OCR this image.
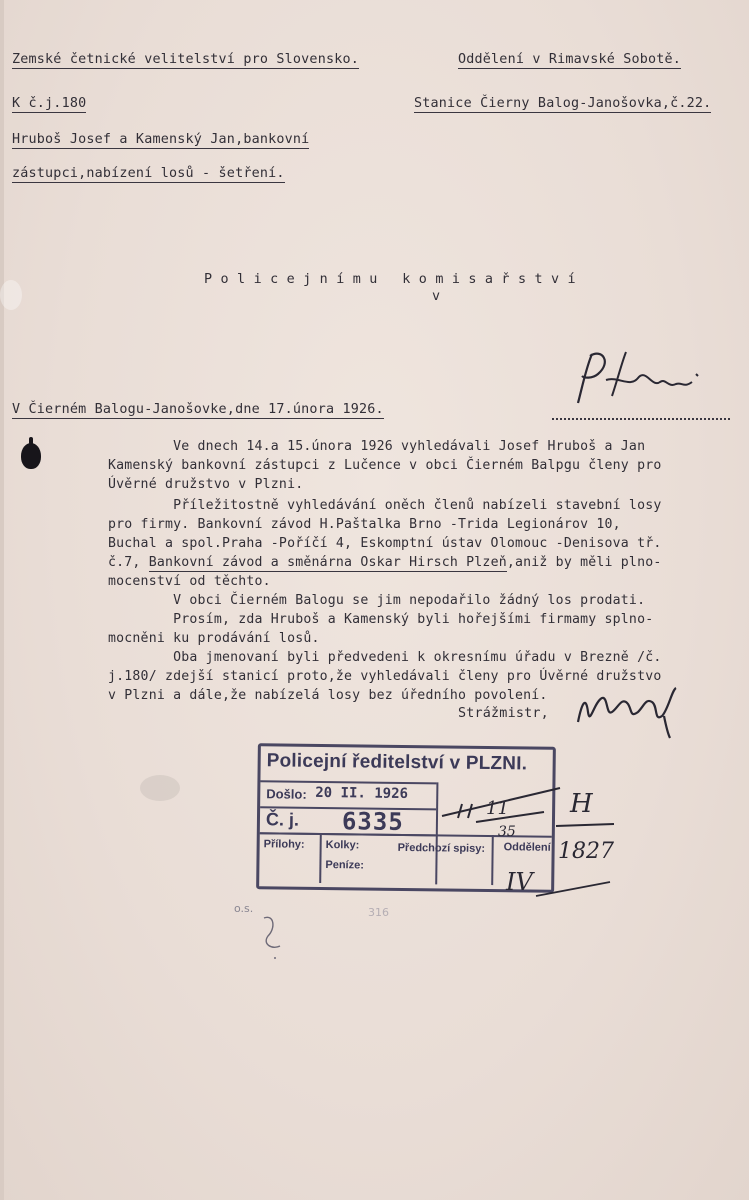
Zemské četnické velitelství pro Slovensko.	Oddělení v Rimavské Sobotě.
K č.j.180	Stanice Čierny Balog-Janošovka,č.22.
Hruboš Josef a Kamenský Jan,bankovní
zástupci,nabízení losů - šetření.
P o l i c e j n í m u   k o m i s a ř s t v í
v
Plzni.
V Čierném Balogu-Janošovke,dne 17.února 1926.
Ve dnech 14.a 15.února 1926 vyhledávali Josef Hruboš a Jan
Kamenský bankovní zástupci z Lučence v obci Čierném Balpgu členy pro
Úvěrné družstvo v Plzni.
Příležitostně vyhledávání oněch členů nabízeli stavební losy
pro firmy. Bankovní závod H.Paštalka Brno -Trida Legionárov 10,
Buchal a spol.Praha -Poříčí 4, Eskomptní ústav Olomouc -Denisova tř.
č.7, Bankovní závod a směnárna Oskar Hirsch Plzeň,aniž by měli plno-
mocenství od těchto.
V obci Čierném Balogu se jim nepodařilo žádný los prodati.
Prosím, zda Hruboš a Kamenský byli hořejšími firmamy splno-
mocněni ku prodávání losů.
Oba jmenovaní byli předvedeni k okresnímu úřadu v Brezně /č.
j.180/ zdejší stanicí proto,že vyhledávali členy pro Úvěrné družstvo
v Plzni a dále,že nabízelá losy bez úředního povolení.
Strážmistr,
Policejní ředitelství v PLZNI.
Došlo: 20 II. 1926
Č. j. 6335
Přílohy: Kolky:
Peníze:
Předchozí spisy: Oddělení
11
35
IV
H
1827
o.s.	316
